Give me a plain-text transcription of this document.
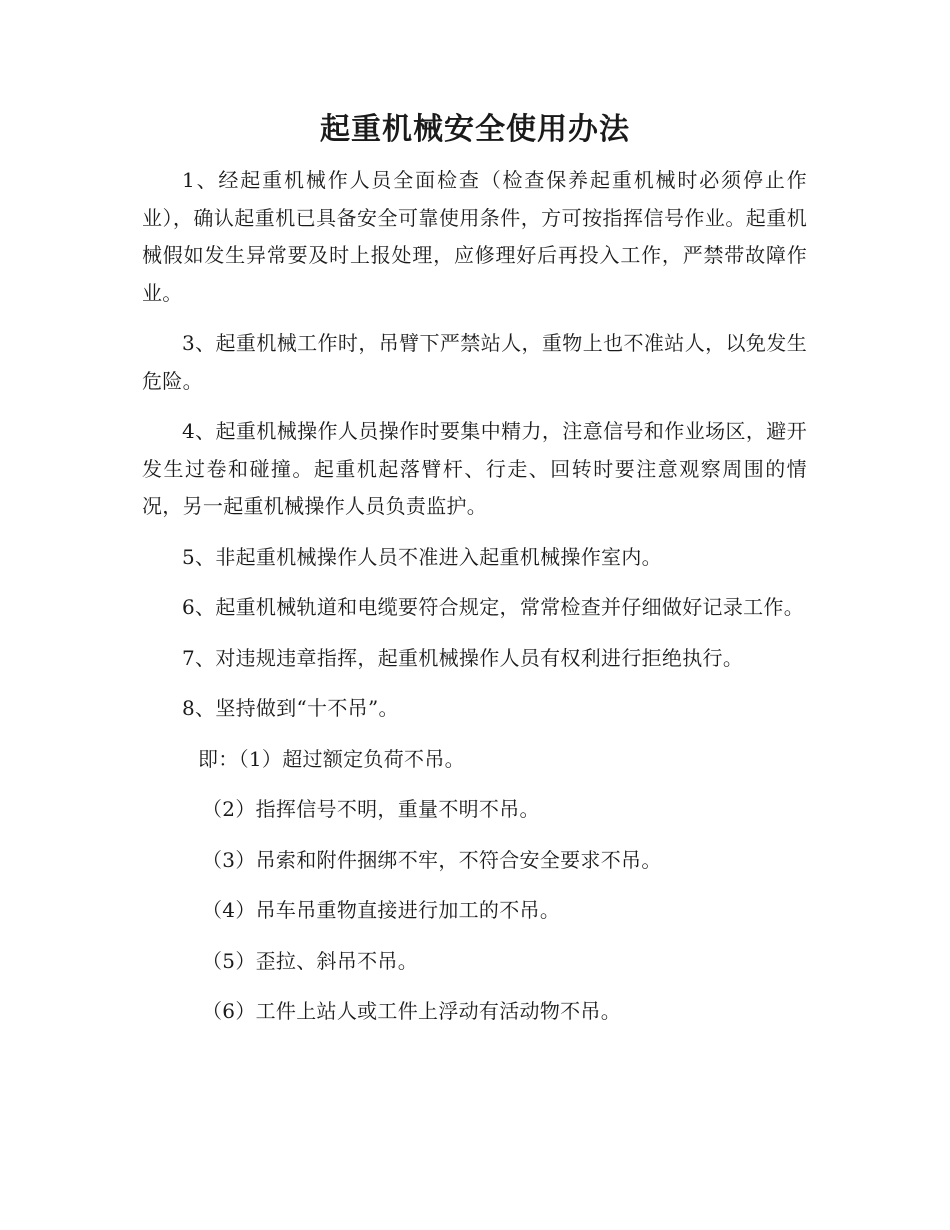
起重机械安全使用办法

1、经起重机械作人员全面检查（检查保养起重机械时必须停止作业），确认起重机已具备安全可靠使用条件，方可按指挥信号作业。起重机械假如发生异常要及时上报处理，应修理好后再投入工作，严禁带故障作业。

3、起重机械工作时，吊臂下严禁站人，重物上也不准站人，以免发生危险。

4、起重机械操作人员操作时要集中精力，注意信号和作业场区，避开发生过卷和碰撞。起重机起落臂杆、行走、回转时要注意观察周围的情况，另一起重机械操作人员负责监护。

5、非起重机械操作人员不准进入起重机械操作室内。

6、起重机械轨道和电缆要符合规定，常常检查并仔细做好记录工作。

7、对违规违章指挥，起重机械操作人员有权利进行拒绝执行。

8、坚持做到“十不吊”。

即：（1）超过额定负荷不吊。

（2）指挥信号不明，重量不明不吊。

（3）吊索和附件捆绑不牢，不符合安全要求不吊。

（4）吊车吊重物直接进行加工的不吊。

（5）歪拉、斜吊不吊。

（6）工件上站人或工件上浮动有活动物不吊。
